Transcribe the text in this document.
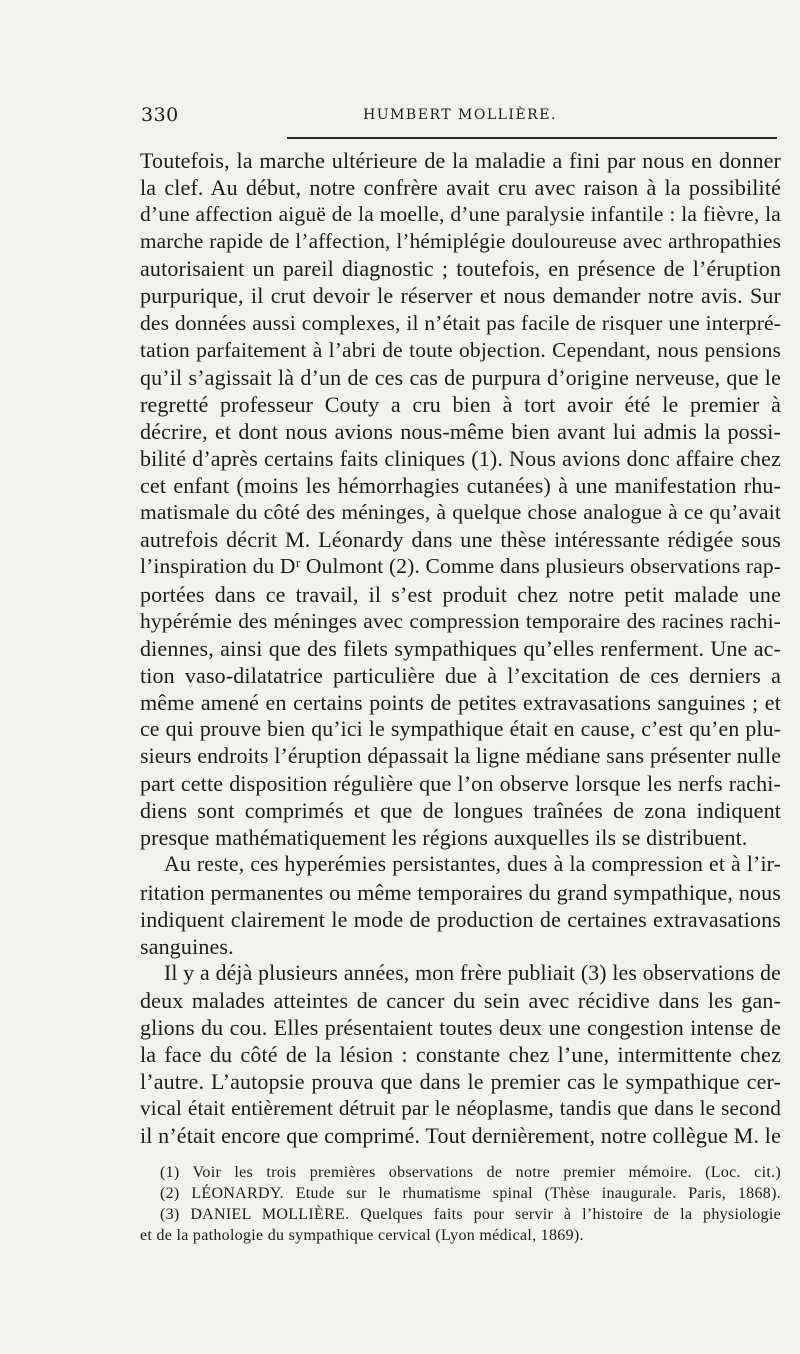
330	HUMBERT MOLLIÈRE.
Toutefois, la marche ultérieure de la maladie a fini par nous en donner
la clef. Au début, notre confrère avait cru avec raison à la possibilité
d’une affection aiguë de la moelle, d’une paralysie infantile : la fièvre, la
marche rapide de l’affection, l’hémiplégie douloureuse avec arthropathies
autorisaient un pareil diagnostic ; toutefois, en présence de l’éruption
purpurique, il crut devoir le réserver et nous demander notre avis. Sur
des données aussi complexes, il n’était pas facile de risquer une interpré-
tation parfaitement à l’abri de toute objection. Cependant, nous pensions
qu’il s’agissait là d’un de ces cas de purpura d’origine nerveuse, que le
regretté professeur Couty a cru bien à tort avoir été le premier à
décrire, et dont nous avions nous-même bien avant lui admis la possi-
bilité d’après certains faits cliniques (1). Nous avions donc affaire chez
cet enfant (moins les hémorrhagies cutanées) à une manifestation rhu-
matismale du côté des méninges, à quelque chose analogue à ce qu’avait
autrefois décrit M. Léonardy dans une thèse intéressante rédigée sous
l’inspiration du Dʳ Oulmont (2). Comme dans plusieurs observations rap-
portées dans ce travail, il s’est produit chez notre petit malade une
hypérémie des méninges avec compression temporaire des racines rachi-
diennes, ainsi que des filets sympathiques qu’elles renferment. Une ac-
tion vaso-dilatatrice particulière due à l’excitation de ces derniers a
même amené en certains points de petites extravasations sanguines ; et
ce qui prouve bien qu’ici le sympathique était en cause, c’est qu’en plu-
sieurs endroits l’éruption dépassait la ligne médiane sans présenter nulle
part cette disposition régulière que l’on observe lorsque les nerfs rachi-
diens sont comprimés et que de longues traînées de zona indiquent
presque mathématiquement les régions auxquelles ils se distribuent.
Au reste, ces hyperémies persistantes, dues à la compression et à l’ir-
ritation permanentes ou même temporaires du grand sympathique, nous
indiquent clairement le mode de production de certaines extravasations
sanguines.
Il y a déjà plusieurs années, mon frère publiait (3) les observations de
deux malades atteintes de cancer du sein avec récidive dans les gan-
glions du cou. Elles présentaient toutes deux une congestion intense de
la face du côté de la lésion : constante chez l’une, intermittente chez
l’autre. L’autopsie prouva que dans le premier cas le sympathique cer-
vical était entièrement détruit par le néoplasme, tandis que dans le second
il n’était encore que comprimé. Tout dernièrement, notre collègue M. le
(1) Voir les trois premières observations de notre premier mémoire. (Loc. cit.)
(2) LÉONARDY. Etude sur le rhumatisme spinal (Thèse inaugurale. Paris, 1868).
(3) DANIEL MOLLIÈRE. Quelques faits pour servir à l’histoire de la physiologie
et de la pathologie du sympathique cervical (Lyon médical, 1869).
